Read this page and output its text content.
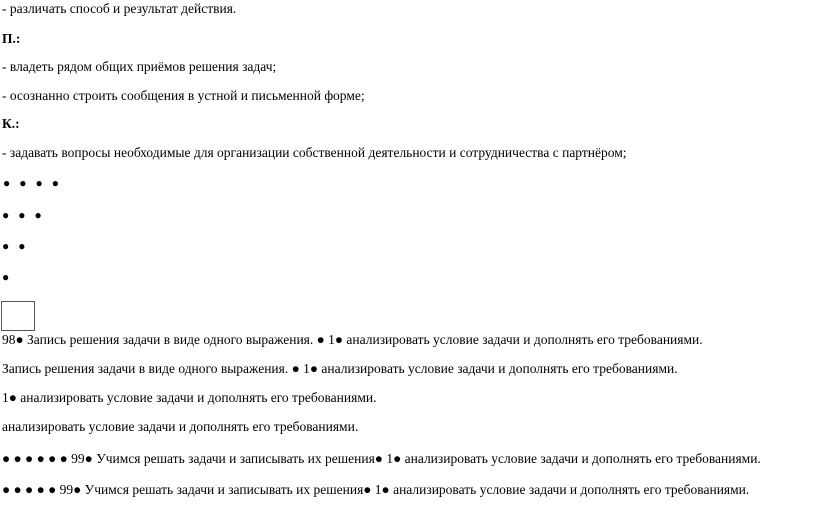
- различать способ и результат действия.
П.:
- владеть рядом общих приёмов решения задач;
- осознанно строить сообщения в устной и письменной форме;
К.:
- задавать вопросы необходимые для организации собственной деятельности и сотрудничества с партнёром;
● ● ● ●
● ● ●
● ●
●
98● Запись решения задачи в виде одного выражения. ● 1● анализировать условие задачи и дополнять его требованиями.
Запись решения задачи в виде одного выражения. ● 1● анализировать условие задачи и дополнять его требованиями.
1● анализировать условие задачи и дополнять его требованиями.
анализировать условие задачи и дополнять его требованиями.
● ● ● ● ● ● 99● Учимся решать задачи и записывать их решения● 1● анализировать условие задачи и дополнять его требованиями.
● ● ● ● ● 99● Учимся решать задачи и записывать их решения● 1● анализировать условие задачи и дополнять его требованиями.
